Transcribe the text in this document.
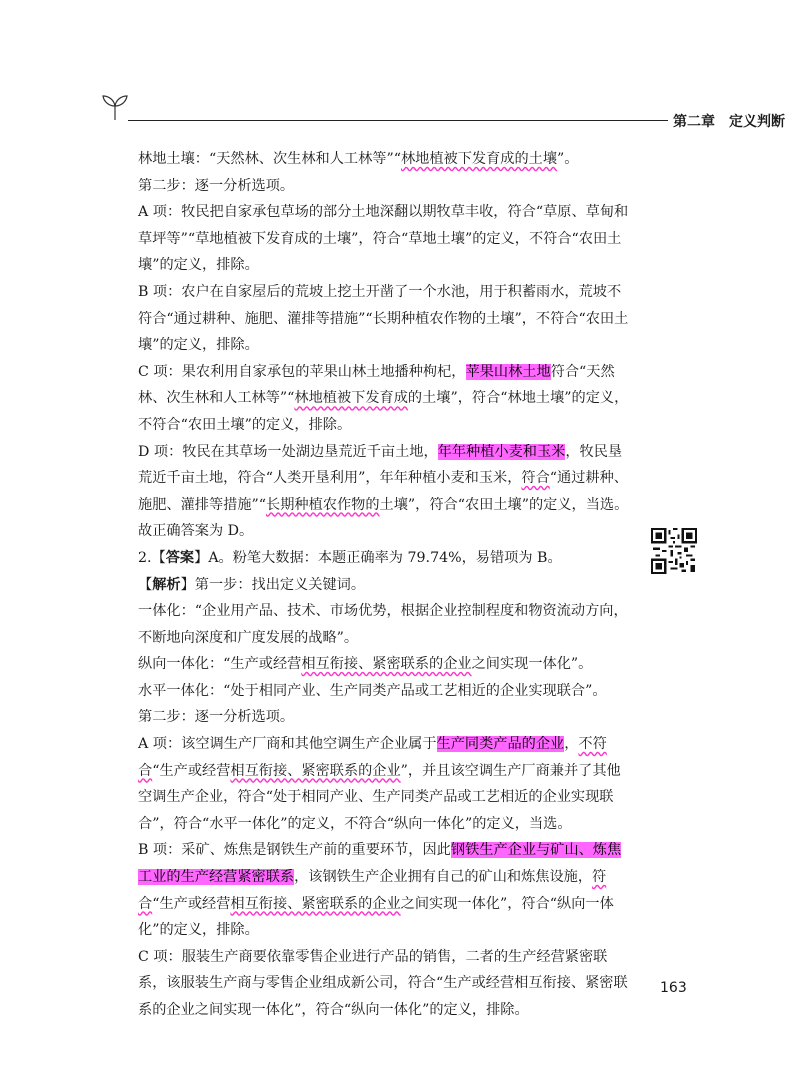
第二章　定义判断

林地土壤：“天然林、次生林和人工林等”“林地植被下发育成的土壤”。

第二步：逐一分析选项。

A 项：牧民把自家承包草场的部分土地深翻以期牧草丰收，符合“草原、草甸和草坪等”“草地植被下发育成的土壤”，符合“草地土壤”的定义，不符合“农田土壤”的定义，排除。

B 项：农户在自家屋后的荒坡上挖土开凿了一个水池，用于积蓄雨水，荒坡不符合“通过耕种、施肥、灌排等措施”“长期种植农作物的土壤”，不符合“农田土壤”的定义，排除。

C 项：果农利用自家承包的苹果山林土地播种枸杞，苹果山林土地符合“天然林、次生林和人工林等”“林地植被下发育成的土壤”，符合“林地土壤”的定义，不符合“农田土壤”的定义，排除。

D 项：牧民在其草场一处湖边垦荒近千亩土地，年年种植小麦和玉米，牧民垦荒近千亩土地，符合“人类开垦利用”，年年种植小麦和玉米，符合“通过耕种、施肥、灌排等措施”“长期种植农作物的土壤”，符合“农田土壤”的定义，当选。

故正确答案为 D。

2.【答案】A。粉笔大数据：本题正确率为 79.74%，易错项为 B。

【解析】第一步：找出定义关键词。

一体化：“企业用产品、技术、市场优势，根据企业控制程度和物资流动方向，不断地向深度和广度发展的战略”。

纵向一体化：“生产或经营相互衔接、紧密联系的企业之间实现一体化”。

水平一体化：“处于相同产业、生产同类产品或工艺相近的企业实现联合”。

第二步：逐一分析选项。

A 项：该空调生产厂商和其他空调生产企业属于生产同类产品的企业，不符合“生产或经营相互衔接、紧密联系的企业”，并且该空调生产厂商兼并了其他空调生产企业，符合“处于相同产业、生产同类产品或工艺相近的企业实现联合”，符合“水平一体化”的定义，不符合“纵向一体化”的定义，当选。

B 项：采矿、炼焦是钢铁生产前的重要环节，因此钢铁生产企业与矿山、炼焦工业的生产经营紧密联系，该钢铁生产企业拥有自己的矿山和炼焦设施，符合“生产或经营相互衔接、紧密联系的企业之间实现一体化”，符合“纵向一体化”的定义，排除。

C 项：服装生产商要依靠零售企业进行产品的销售，二者的生产经营紧密联系，该服装生产商与零售企业组成新公司，符合“生产或经营相互衔接、紧密联系的企业之间实现一体化”，符合“纵向一体化”的定义，排除。

163
